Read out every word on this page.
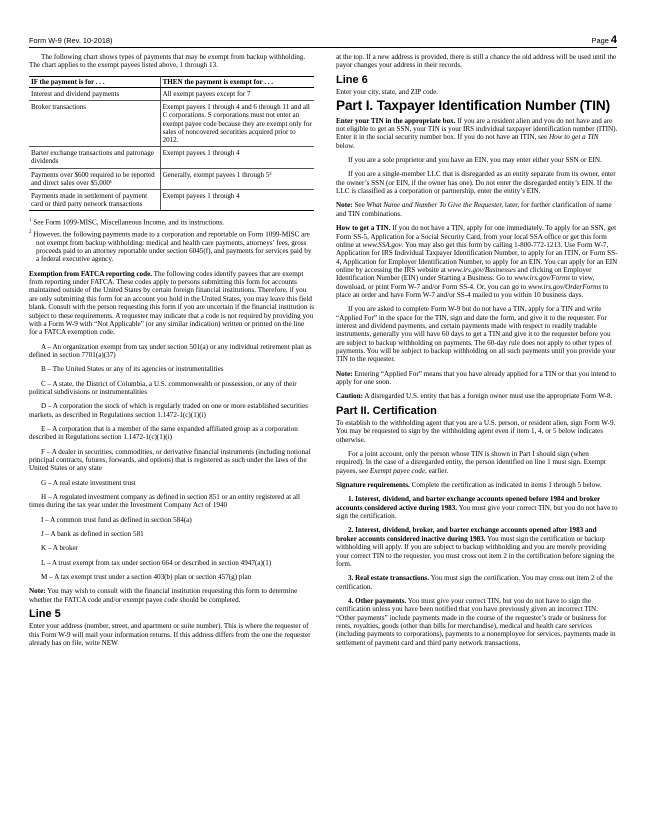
Form W-9 (Rev. 10-2018)	Page 4

The following chart shows types of payments that may be exempt from backup withholding. The chart applies to the exempt payees listed above, 1 through 13.

IF the payment is for . . .	THEN the payment is exempt for . . .
Interest and dividend payments	All exempt payees except for 7
Broker transactions	Exempt payees 1 through 4 and 6 through 11 and all C corporations. S corporations must not enter an exempt payee code because they are exempt only for sales of noncovered securities acquired prior to 2012.
Barter exchange transactions and patronage dividends	Exempt payees 1 through 4
Payments over $600 required to be reported and direct sales over $5,000¹	Generally, exempt payees 1 through 5²
Payments made in settlement of payment card or third party network transactions	Exempt payees 1 through 4

$^1$ See Form 1099-MISC, Miscellaneous Income, and its instructions.

$^2$ However, the following payments made to a corporation and reportable on Form 1099-MISC are not exempt from backup withholding: medical and health care payments, attorneys’ fees, gross proceeds paid to an attorney reportable under section 6045(f), and payments for services paid by a federal executive agency.

Exemption from FATCA reporting code. The following codes identify payees that are exempt from reporting under FATCA. These codes apply to persons submitting this form for accounts maintained outside of the United States by certain foreign financial institutions. Therefore, if you are only submitting this form for an account you hold in the United States, you may leave this field blank. Consult with the person requesting this form if you are uncertain if the financial institution is subject to these requirements. A requester may indicate that a code is not required by providing you with a Form W-9 with “Not Applicable” (or any similar indication) written or printed on the line for a FATCA exemption code.

A – An organization exempt from tax under section 501(a) or any individual retirement plan as defined in section 7701(a)(37)

B – The United States or any of its agencies or instrumentalities

C – A state, the District of Columbia, a U.S. commonwealth or possession, or any of their political subdivisions or instrumentalities

D – A corporation the stock of which is regularly traded on one or more established securities markets, as described in Regulations section 1.1472-1(c)(1)(i)

E – A corporation that is a member of the same expanded affiliated group as a corporation described in Regulations section 1.1472-1(c)(1)(i)

F – A dealer in securities, commodities, or derivative financial instruments (including notional principal contracts, futures, forwards, and options) that is registered as such under the laws of the United States or any state

G – A real estate investment trust

H – A regulated investment company as defined in section 851 or an entity registered at all times during the tax year under the Investment Company Act of 1940

I – A common trust fund as defined in section 584(a)

J – A bank as defined in section 581

K – A broker

L – A trust exempt from tax under section 664 or described in section 4947(a)(1)

M – A tax exempt trust under a section 403(b) plan or section 457(g) plan

Note: You may wish to consult with the financial institution requesting this form to determine whether the FATCA code and/or exempt payee code should be completed.

Line 5

Enter your address (number, street, and apartment or suite number). This is where the requester of this Form W-9 will mail your information returns. If this address differs from the one the requester already has on file, write NEW

at the top. If a new address is provided, there is still a chance the old address will be used until the payor changes your address in their records.

Line 6

Enter your city, state, and ZIP code.

Part I. Taxpayer Identification Number (TIN)

Enter your TIN in the appropriate box. If you are a resident alien and you do not have and are not eligible to get an SSN, your TIN is your IRS individual taxpayer identification number (ITIN). Enter it in the social security number box. If you do not have an ITIN, see How to get a TIN below.

If you are a sole proprietor and you have an EIN, you may enter either your SSN or EIN.

If you are a single-member LLC that is disregarded as an entity separate from its owner, enter the owner’s SSN (or EIN, if the owner has one). Do not enter the disregarded entity’s EIN. If the LLC is classified as a corporation or partnership, enter the entity’s EIN.

Note: See What Name and Number To Give the Requester, later, for further clarification of name and TIN combinations.

How to get a TIN. If you do not have a TIN, apply for one immediately. To apply for an SSN, get Form SS-5, Application for a Social Security Card, from your local SSA office or get this form online at www.SSA.gov. You may also get this form by calling 1-800-772-1213. Use Form W-7, Application for IRS Individual Taxpayer Identification Number, to apply for an ITIN, or Form SS-4, Application for Employer Identification Number, to apply for an EIN. You can apply for an EIN online by accessing the IRS website at www.irs.gov/Businesses and clicking on Employer Identification Number (EIN) under Starting a Business. Go to www.irs.gov/Forms to view, download, or print Form W-7 and/or Form SS-4. Or, you can go to www.irs.gov/OrderForms to place an order and have Form W-7 and/or SS-4 mailed to you within 10 business days.

If you are asked to complete Form W-9 but do not have a TIN, apply for a TIN and write “Applied For” in the space for the TIN, sign and date the form, and give it to the requester. For interest and dividend payments, and certain payments made with respect to readily tradable instruments, generally you will have 60 days to get a TIN and give it to the requester before you are subject to backup withholding on payments. The 60-day rule does not apply to other types of payments. You will be subject to backup withholding on all such payments until you provide your TIN to the requester.

Note: Entering “Applied For” means that you have already applied for a TIN or that you intend to apply for one soon.

Caution: A disregarded U.S. entity that has a foreign owner must use the appropriate Form W-8.

Part II. Certification

To establish to the withholding agent that you are a U.S. person, or resident alien, sign Form W-9. You may be requested to sign by the withholding agent even if item 1, 4, or 5 below indicates otherwise.

For a joint account, only the person whose TIN is shown in Part I should sign (when required). In the case of a disregarded entity, the person identified on line 1 must sign. Exempt payees, see Exempt payee code, earlier.

Signature requirements. Complete the certification as indicated in items 1 through 5 below.

1. Interest, dividend, and barter exchange accounts opened before 1984 and broker accounts considered active during 1983. You must give your correct TIN, but you do not have to sign the certification.

2. Interest, dividend, broker, and barter exchange accounts opened after 1983 and broker accounts considered inactive during 1983. You must sign the certification or backup withholding will apply. If you are subject to backup withholding and you are merely providing your correct TIN to the requester, you must cross out item 2 in the certification before signing the form.

3. Real estate transactions. You must sign the certification. You may cross out item 2 of the certification.

4. Other payments. You must give your correct TIN, but you do not have to sign the certification unless you have been notified that you have previously given an incorrect TIN. “Other payments” include payments made in the course of the requester’s trade or business for rents, royalties, goods (other than bills for merchandise), medical and health care services (including payments to corporations), payments to a nonemployee for services, payments made in settlement of payment card and third party network transactions,
